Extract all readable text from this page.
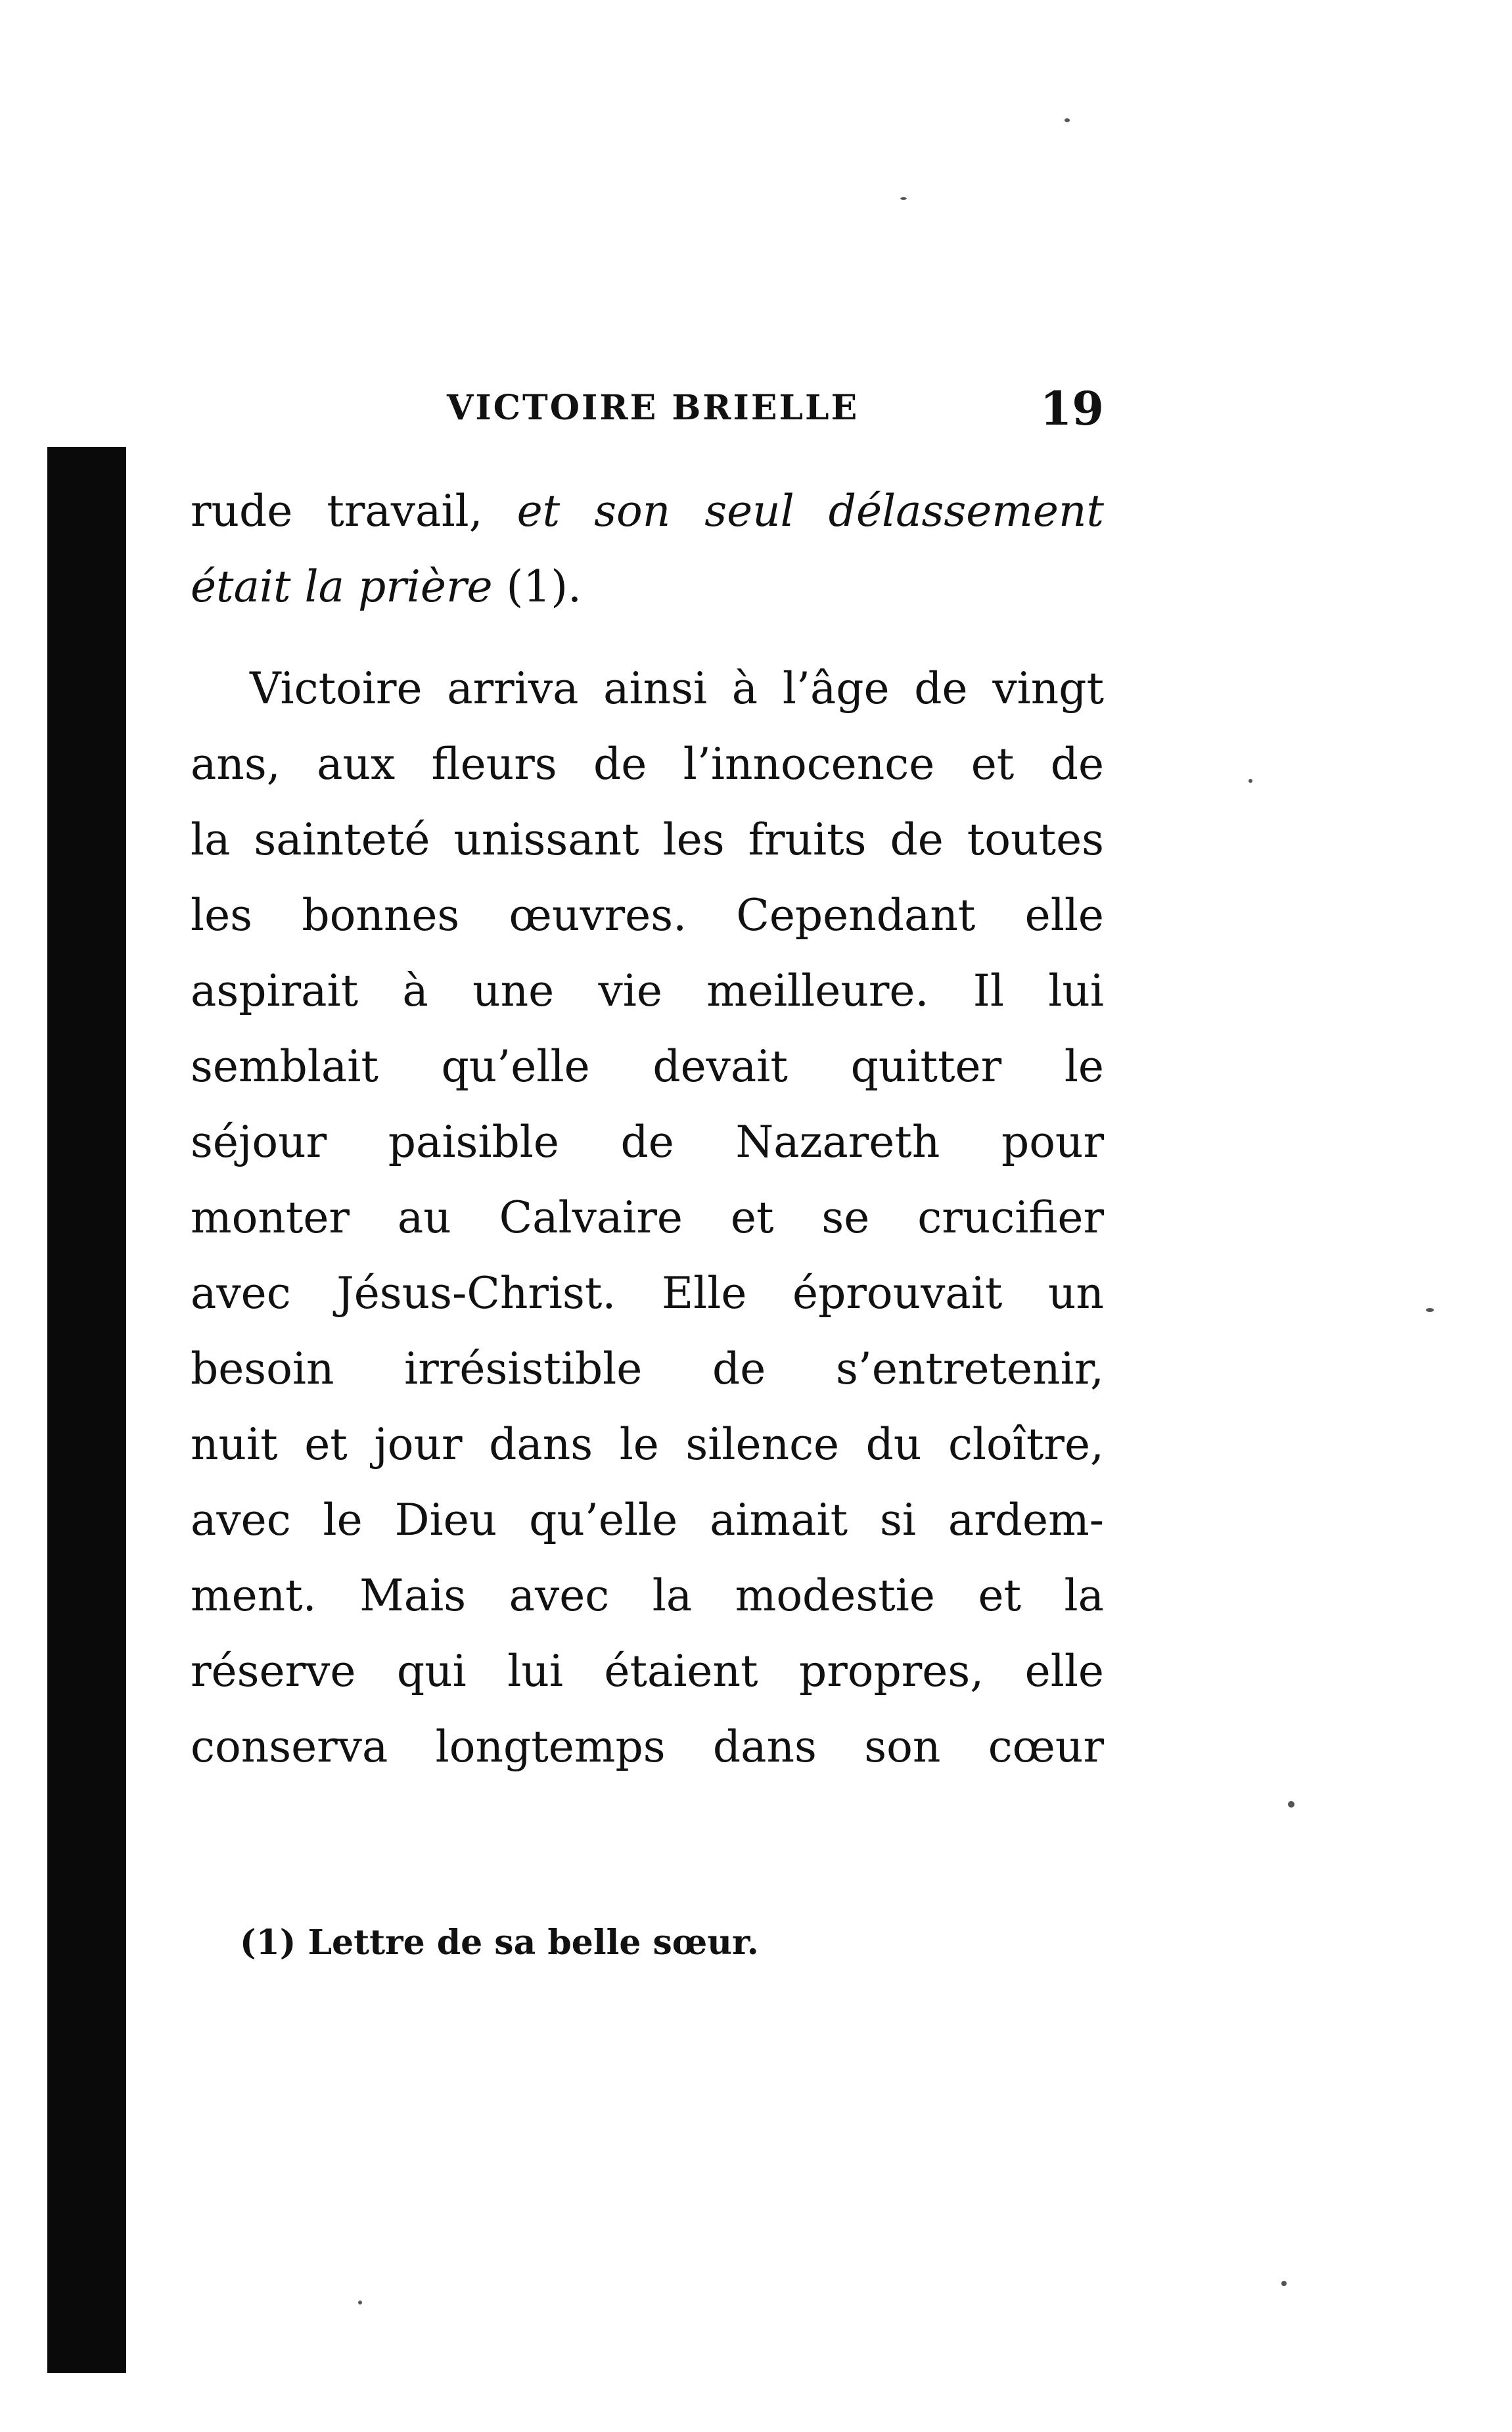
VICTOIRE BRIELLE	19
rude travail, et son seul délassement
était la prière (1).
Victoire arriva ainsi à l’âge de vingt
ans, aux fleurs de l’innocence et de
la sainteté unissant les fruits de toutes
les bonnes œuvres. Cependant elle
aspirait à une vie meilleure. Il lui
semblait qu’elle devait quitter le
séjour paisible de Nazareth pour
monter au Calvaire et se crucifier
avec Jésus-Christ. Elle éprouvait un
besoin irrésistible de s’entretenir,
nuit et jour dans le silence du cloître,
avec le Dieu qu’elle aimait si ardem-
ment. Mais avec la modestie et la
réserve qui lui étaient propres, elle
conserva longtemps dans son cœur
(1) Lettre de sa belle sœur.
